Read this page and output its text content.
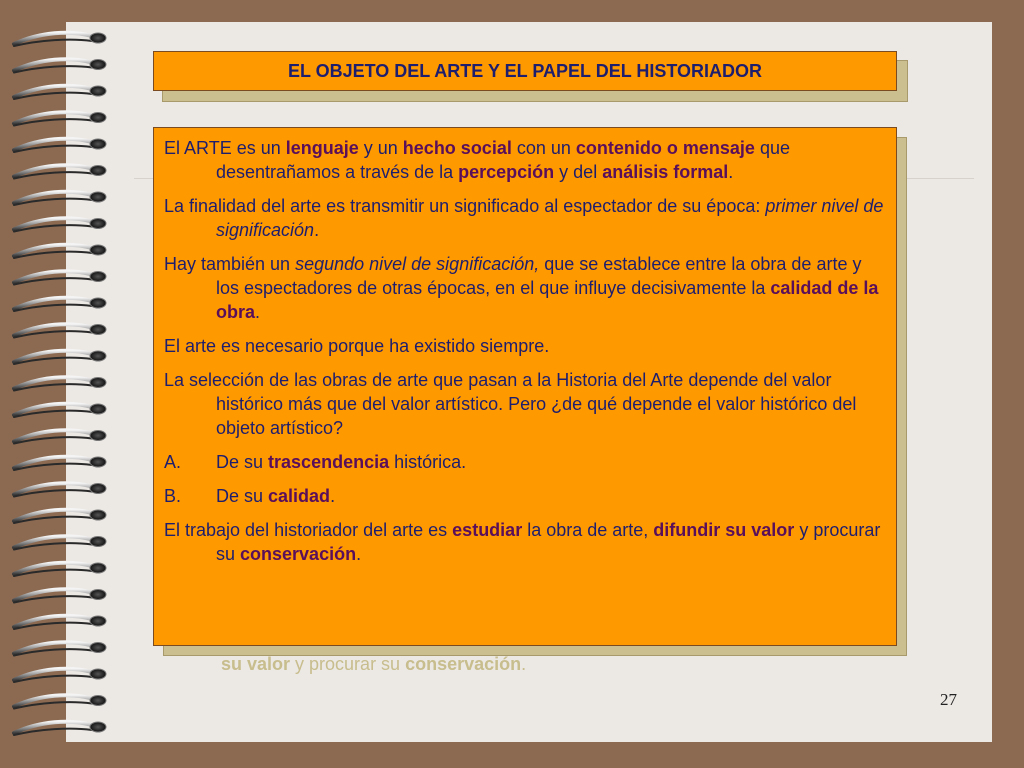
EL OBJETO DEL ARTE Y EL PAPEL DEL HISTORIADOR

El ARTE es un lenguaje y un hecho social con un contenido o mensaje que desentrañamos a través de la percepción y del análisis formal.

La finalidad del arte es transmitir un significado al espectador de su época: primer nivel de significación.

Hay también un segundo nivel de significación, que se establece entre la obra de arte y los espectadores de otras épocas, en el que influye decisivamente la calidad de la obra.

El arte es necesario porque ha existido siempre.

La selección de las obras de arte que pasan a la Historia del Arte depende del valor histórico más que del valor artístico. Pero ¿de qué depende el valor histórico del objeto artístico?

A. De su trascendencia histórica.

B. De su calidad.

El trabajo del historiador del arte es estudiar la obra de arte, difundir su valor y procurar su conservación.

su valor y procurar su conservación.
27
